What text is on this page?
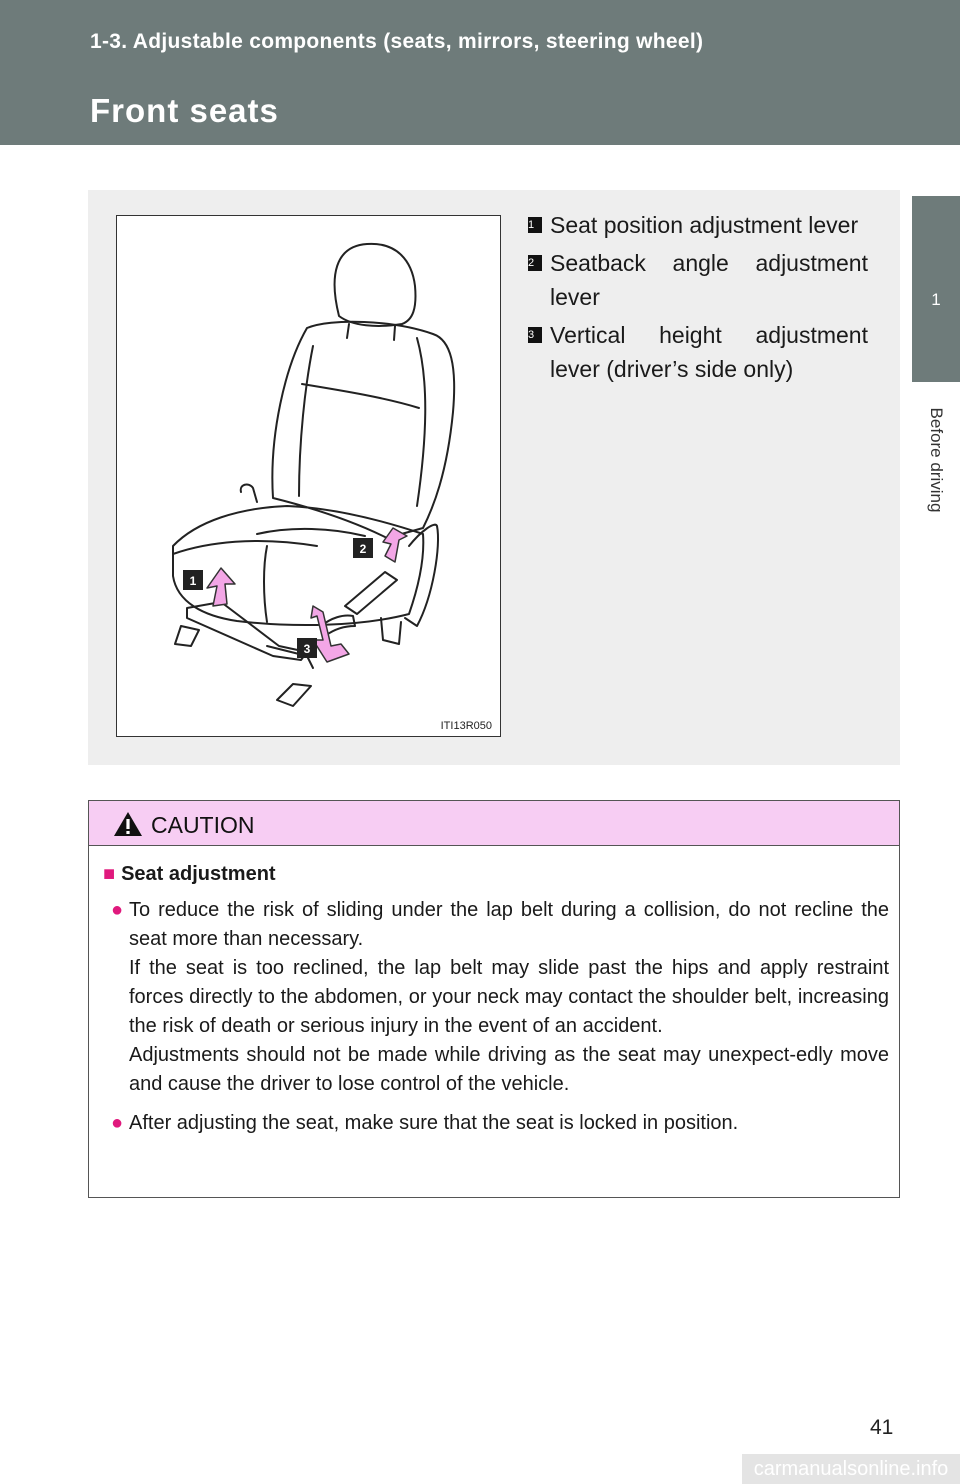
1-3. Adjustable components (seats, mirrors, steering wheel)
Front seats
1
Before driving
1
2
3
ITI13R050
1 Seat position adjustment lever
2 Seatback angle adjustment lever
3 Vertical height adjustment lever (driver’s side only)
CAUTION
■ Seat adjustment
● To reduce the risk of sliding under the lap belt during a collision, do not recline the seat more than necessary.

If the seat is too reclined, the lap belt may slide past the hips and apply restraint forces directly to the abdomen, or your neck may contact the shoulder belt, increasing the risk of death or serious injury in the event of an accident.

Adjustments should not be made while driving as the seat may unexpect-edly move and cause the driver to lose control of the vehicle.

● After adjusting the seat, make sure that the seat is locked in position.

41
carmanualsonline.info
